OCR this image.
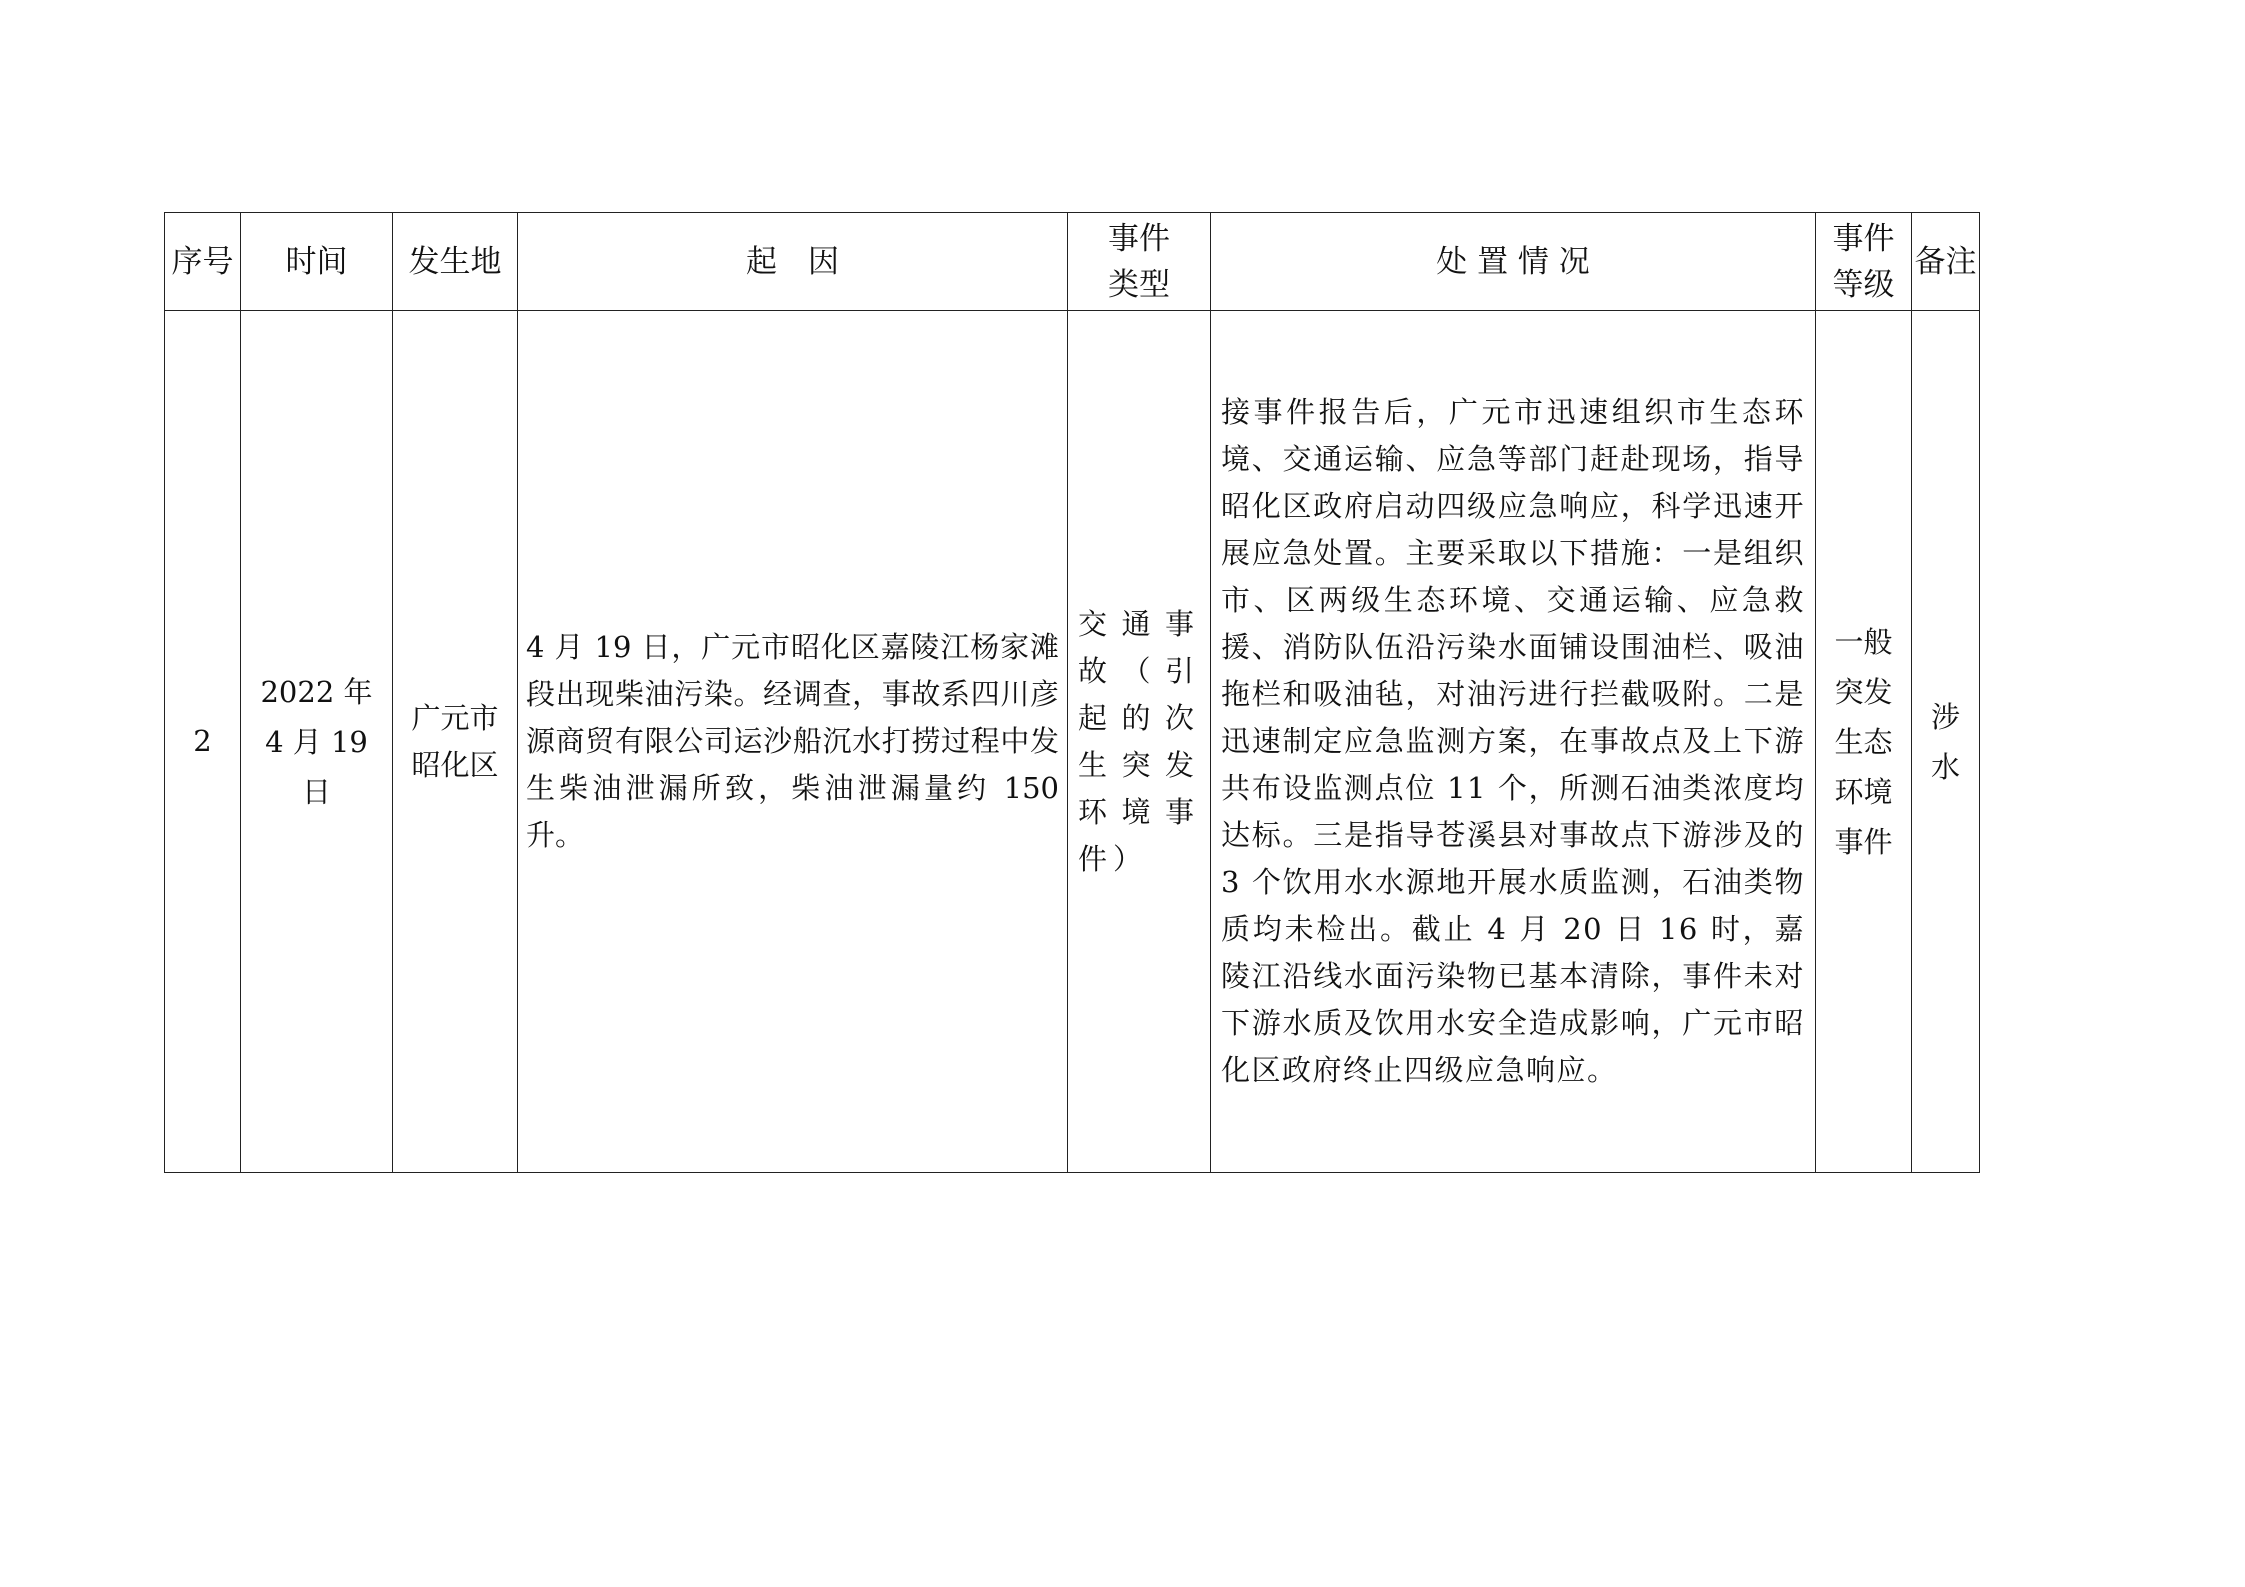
序号	时间	发生地	起　因	事件类型	处 置 情 况	事件等级	备注

2	2022 年 4 月 19 日	广元市昭化区	4 月 19 日，广元市昭化区嘉陵江杨家滩段出现柴油污染。经调查，事故系四川彦源商贸有限公司运沙船沉水打捞过程中发生柴油泄漏所致，柴油泄漏量约 150 升。	交通事故（引起的次生突发环境事件）	接事件报告后，广元市迅速组织市生态环境、交通运输、应急等部门赶赴现场，指导昭化区政府启动四级应急响应，科学迅速开展应急处置。主要采取以下措施：一是组织市、区两级生态环境、交通运输、应急救援、消防队伍沿污染水面铺设围油栏、吸油拖栏和吸油毡，对油污进行拦截吸附。二是迅速制定应急监测方案，在事故点及上下游共布设监测点位 11 个，所测石油类浓度均达标。三是指导苍溪县对事故点下游涉及的 3 个饮用水水源地开展水质监测，石油类物质均未检出。截止 4 月 20 日 16 时，嘉陵江沿线水面污染物已基本清除，事件未对下游水质及饮用水安全造成影响，广元市昭化区政府终止四级应急响应。	一般突发生态环境事件	涉水
